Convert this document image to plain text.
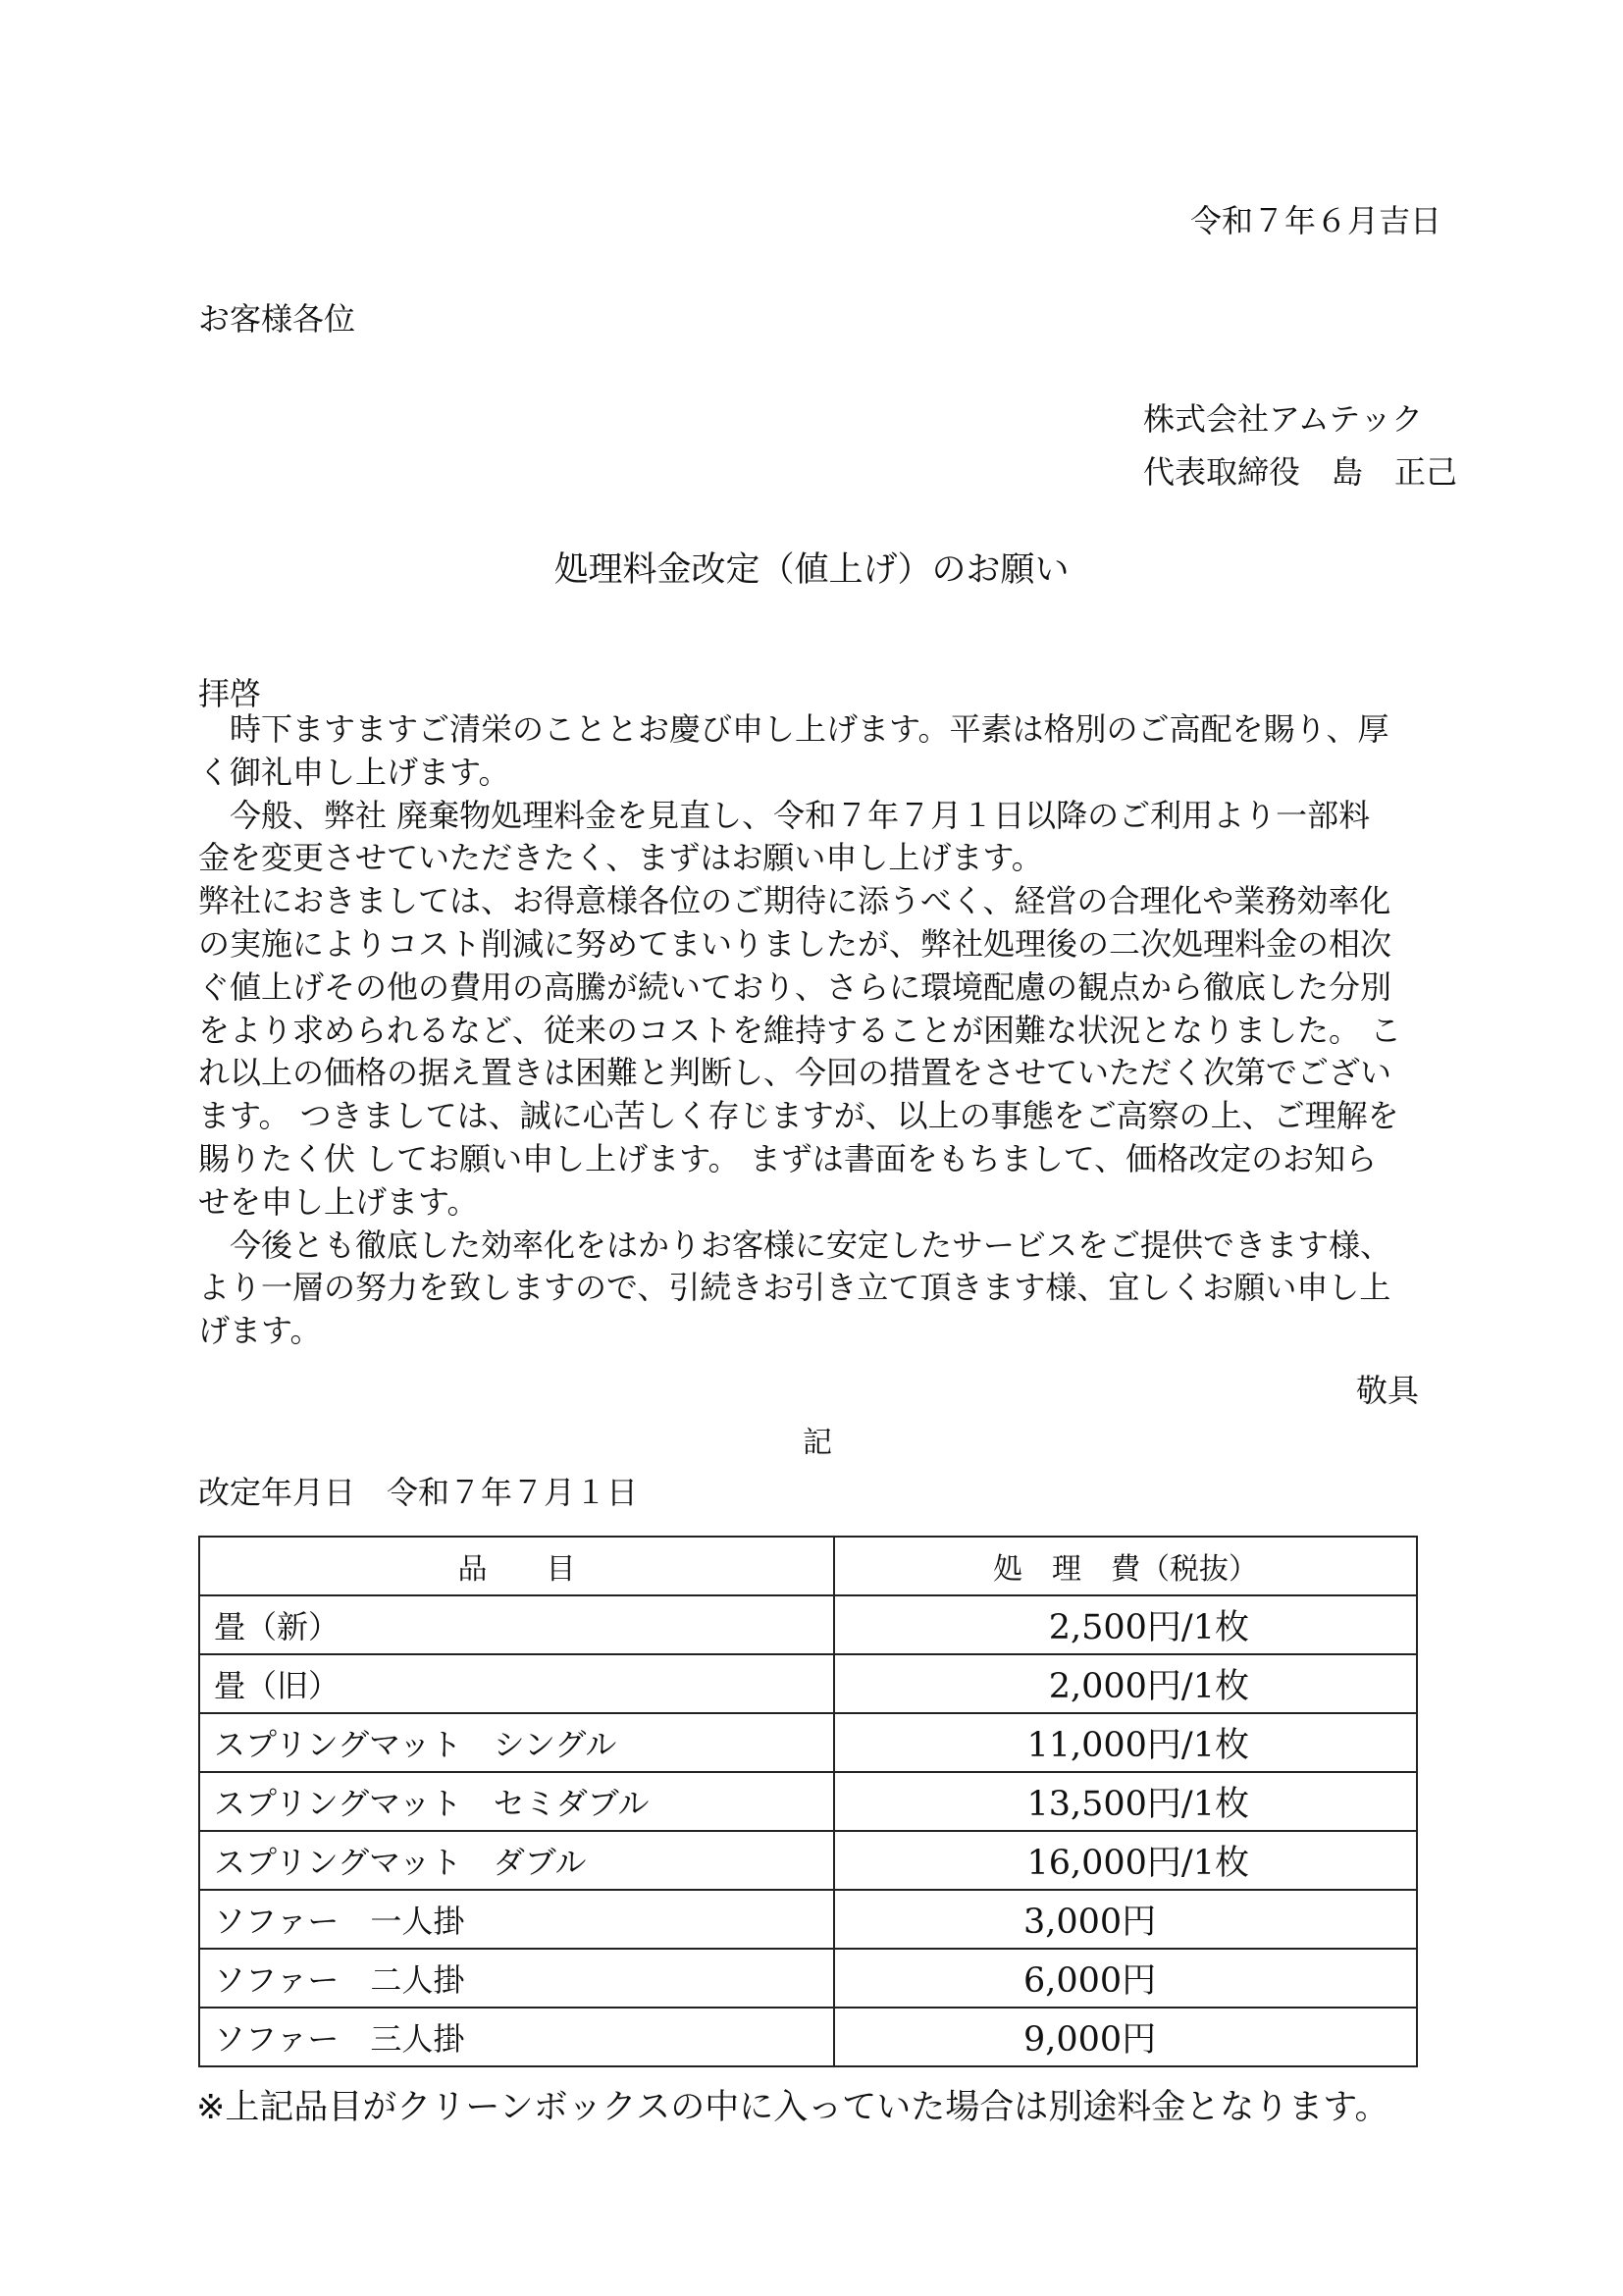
令和７年６月吉日
お客様各位
株式会社アムテック
代表取締役　島　正己
処理料金改定（値上げ）のお願い
拝啓
　時下ますますご清栄のこととお慶び申し上げます。平素は格別のご高配を賜り、厚
く御礼申し上げます。
　今般、弊社 廃棄物処理料金を見直し、令和７年７月１日以降のご利用より一部料
金を変更させていただきたく、まずはお願い申し上げます。
弊社におきましては、お得意様各位のご期待に添うべく、経営の合理化や業務効率化
の実施によりコスト削減に努めてまいりましたが、弊社処理後の二次処理料金の相次
ぐ値上げその他の費用の高騰が続いており、さらに環境配慮の観点から徹底した分別
をより求められるなど、従来のコストを維持することが困難な状況となりました。 こ
れ以上の価格の据え置きは困難と判断し、今回の措置をさせていただく次第でござい
ます。 つきましては、誠に心苦しく存じますが、以上の事態をご高察の上、ご理解を
賜りたく伏 してお願い申し上げます。 まずは書面をもちまして、価格改定のお知ら
せを申し上げます。
　今後とも徹底した効率化をはかりお客様に安定したサービスをご提供できます様、
より一層の努力を致しますので、引続きお引き立て頂きます様、宜しくお願い申し上
げます。
敬具
記
改定年月日　令和７年７月１日
品　　目	処　理　費（税抜）
畳（新）	2,500円/1枚
畳（旧）	2,000円/1枚
スプリングマット　シングル	11,000円/1枚
スプリングマット　セミダブル	13,500円/1枚
スプリングマット　ダブル	16,000円/1枚
ソファー　一人掛	3,000円
ソファー　二人掛	6,000円
ソファー　三人掛	9,000円
※上記品目がクリーンボックスの中に入っていた場合は別途料金となります。
